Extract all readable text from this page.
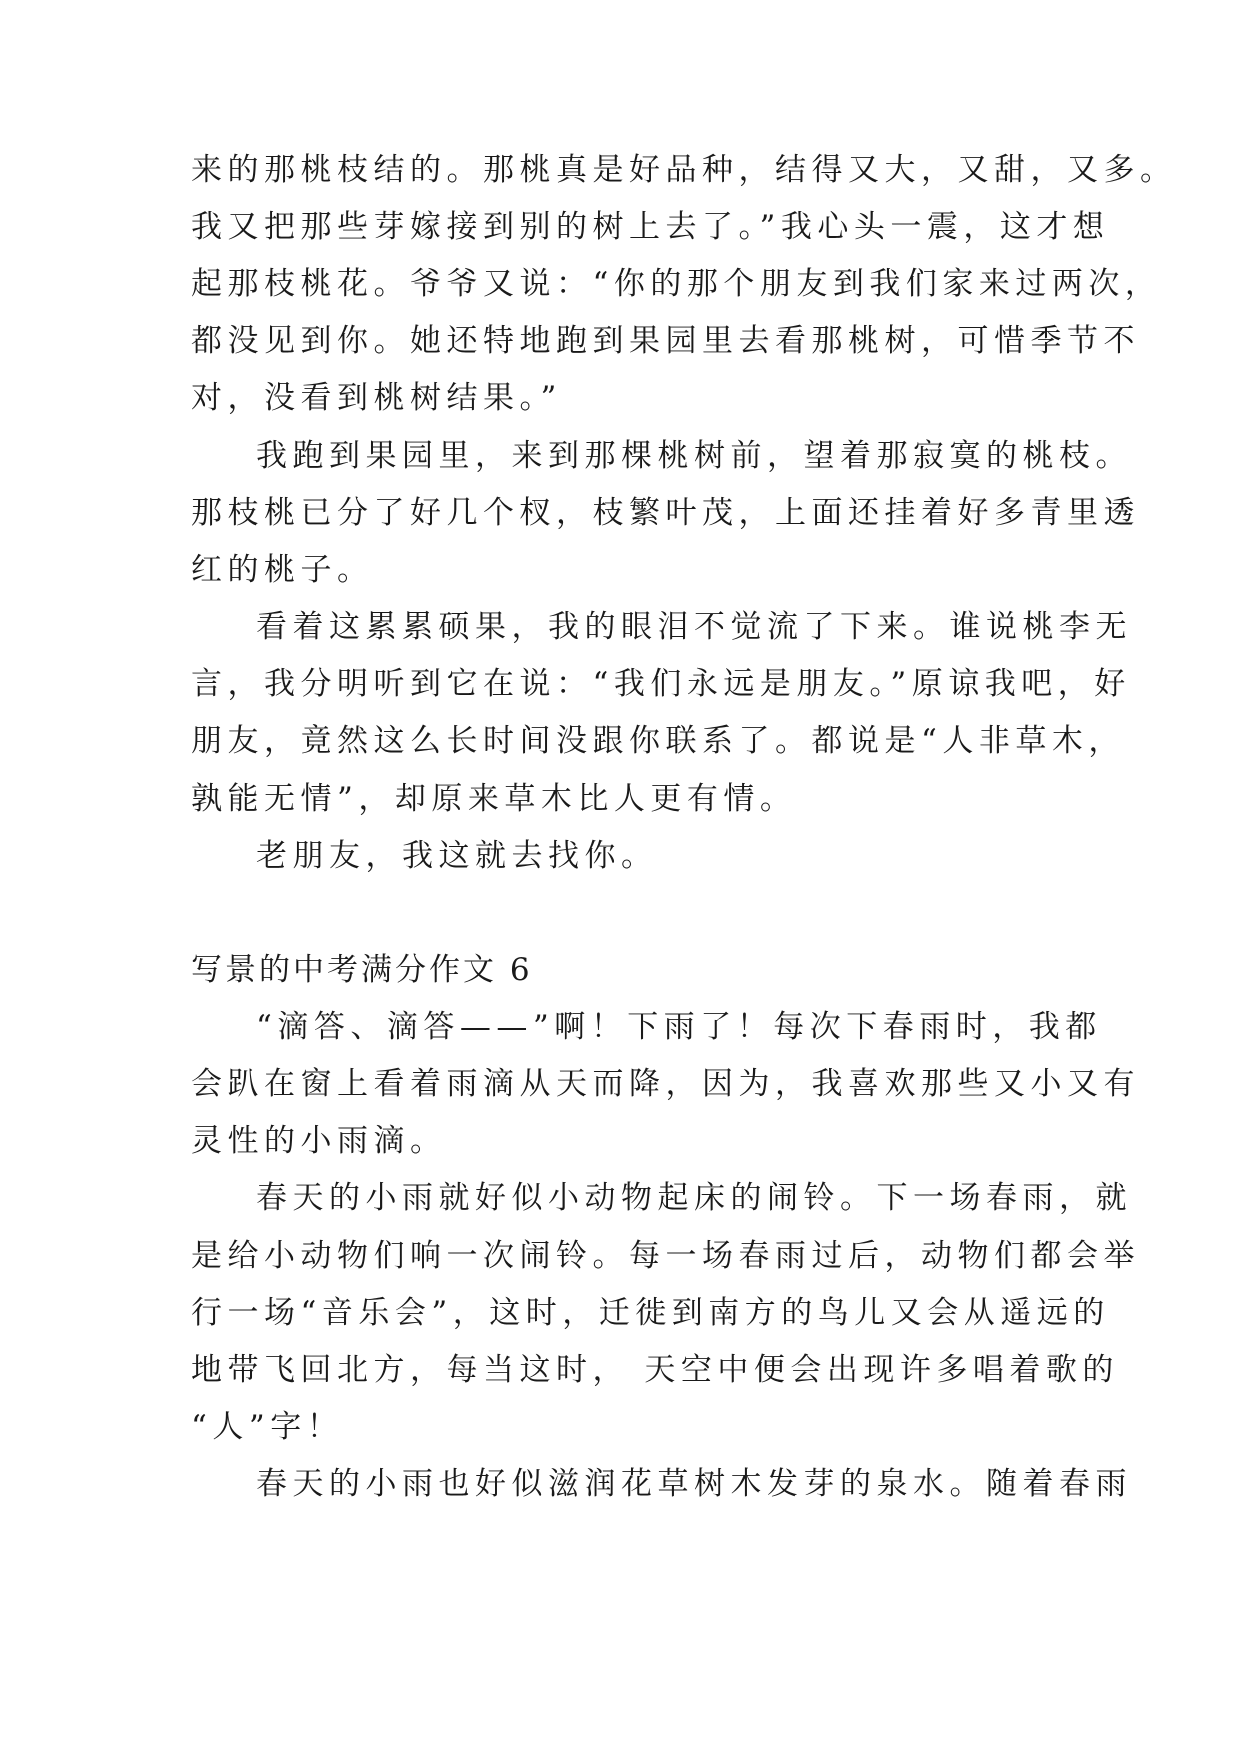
来的那桃枝结的。那桃真是好品种，结得又大，又甜，又多。
我又把那些芽嫁接到别的树上去了。”我心头一震，这才想
起那枝桃花。爷爷又说：“你的那个朋友到我们家来过两次，
都没见到你。她还特地跑到果园里去看那桃树，可惜季节不
对，没看到桃树结果。”
我跑到果园里，来到那棵桃树前，望着那寂寞的桃枝。
那枝桃已分了好几个杈，枝繁叶茂，上面还挂着好多青里透
红的桃子。
看着这累累硕果，我的眼泪不觉流了下来。谁说桃李无
言，我分明听到它在说：“我们永远是朋友。”原谅我吧，好
朋友，竟然这么长时间没跟你联系了。都说是“人非草木，
孰能无情”，却原来草木比人更有情。
老朋友，我这就去找你。
写景的中考满分作文 6
“滴答、滴答——”啊！下雨了！每次下春雨时，我都
会趴在窗上看着雨滴从天而降，因为，我喜欢那些又小又有
灵性的小雨滴。
春天的小雨就好似小动物起床的闹铃。下一场春雨，就
是给小动物们响一次闹铃。每一场春雨过后，动物们都会举
行一场“音乐会”，这时，迁徙到南方的鸟儿又会从遥远的
地带飞回北方，每当这时， 天空中便会出现许多唱着歌的
“人”字！
春天的小雨也好似滋润花草树木发芽的泉水。随着春雨
